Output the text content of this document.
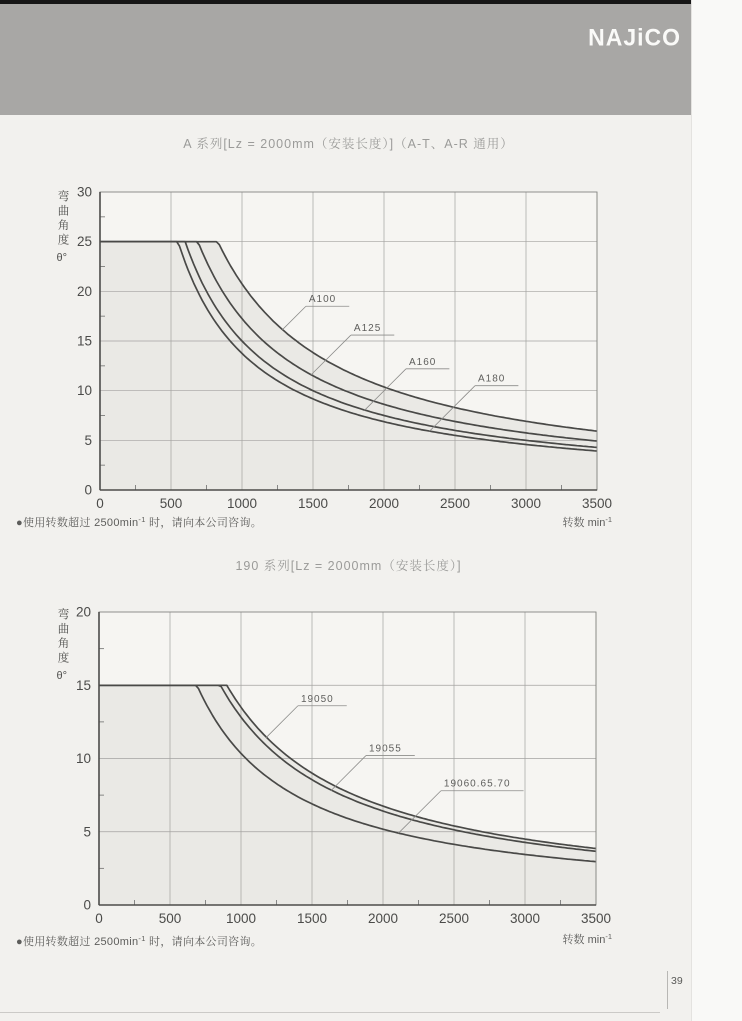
NAJiCO
A 系列[Lz = 2000mm（安装长度）]（A-T、A-R 通用）
190 系列[Lz = 2000mm（安装长度）]
弯曲角度
θ°
弯曲角度
θ°
0	500	1000	1500	2000	2500	3000	3500
0
5
10
15
20
25
30
A100
A125
A160
A180
0	500	1000	1500	2000	2500	3000	3500
0
5
10
15
20
19050
19055
19060.65.70
●使用转数超过 $2500\min^{-1}$ 时，请向本公司咨询。	转数 $\min^{-1}$
●使用转数超过 $2500\min^{-1}$ 时，请向本公司咨询。	转数 $\min^{-1}$
39
